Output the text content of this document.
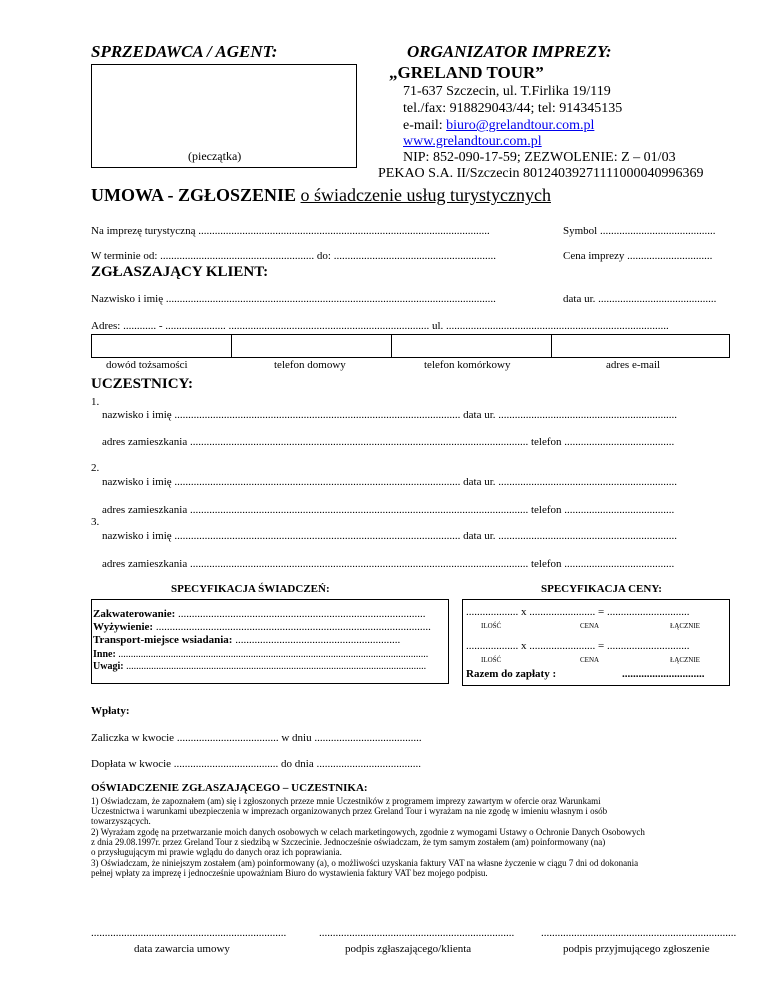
SPRZEDAWCA / AGENT:
(pieczątka)
ORGANIZATOR IMPREZY:
„GRELAND TOUR”
71-637 Szczecin, ul. T.Firlika 19/119
tel./fax: 918829043/44; tel: 914345135
e-mail: biuro@grelandtour.com.pl
www.grelandtour.com.pl
NIP: 852-090-17-59; ZEZWOLENIE: Z – 01/03
PEKAO S.A. II/Szczecin 80124039271111000040996369
UMOWA - ZGŁOSZENIE o świadczenie usług turystycznych
Na imprezę turystyczną ..........................................................................................................	Symbol ..........................................
W terminie od: ........................................................ do: ...........................................................	Cena imprezy ...............................
ZGŁASZAJĄCY KLIENT:
Nazwisko i imię ........................................................................................................................	data ur. ...........................................
Adres: ............ - ...................... ......................................................................... ul. .................................................................................
dowód tożsamości	telefon domowy	telefon komórkowy	adres e-mail
UCZESTNICY:
1.
nazwisko i imię ........................................................................................................ data ur. .................................................................
adres zamieszkania ........................................................................................................................... telefon ........................................
2.
nazwisko i imię ........................................................................................................ data ur. .................................................................
adres zamieszkania ........................................................................................................................... telefon ........................................
3.
nazwisko i imię ........................................................................................................ data ur. .................................................................
adres zamieszkania ........................................................................................................................... telefon ........................................
SPECYFIKACJA ŚWIADCZEŃ:	SPECYFIKACJA CENY:
Zakwaterowanie: ..........................................................................................
Wyżywienie: ....................................................................................................
Transport-miejsce wsiadania: ............................................................
Inne: ............................................................................................................................
Uwagi: ........................................................................................................................
................... x ........................ = ..............................
ILOŚĆ	CENA	ŁĄCZNIE
................... x ........................ = ..............................
ILOŚĆ	CENA	ŁĄCZNIE
Razem do zapłaty :	..............................
Wpłaty:
Zaliczka w kwocie ..................................... w dniu .......................................
Dopłata w kwocie ...................................... do dnia ......................................
OŚWIADCZENIE ZGŁASZAJĄCEGO – UCZESTNIKA:
1) Oświadczam, że zapoznałem (am) się i zgłoszonych przeze mnie Uczestników z programem imprezy zawartym w ofercie oraz Warunkami
Uczestnictwa i warunkami ubezpieczenia w imprezach organizowanych przez Greland Tour i wyrażam na nie zgodę w imieniu własnym i osób
towarzyszących.
2) Wyrażam zgodę na przetwarzanie moich danych osobowych w celach marketingowych, zgodnie z wymogami Ustawy o Ochronie Danych Osobowych
z dnia 29.08.1997r. przez Greland Tour z siedzibą w Szczecinie. Jednocześnie oświadczam, że tym samym zostałem (am) poinformowany (na)
o przysługującym mi prawie wglądu do danych oraz ich poprawiania.
3) Oświadczam, że niniejszym zostałem (am) poinformowany (a), o możliwości uzyskania faktury VAT na własne życzenie w ciągu 7 dni od dokonania
pełnej wpłaty za imprezę i jednocześnie upoważniam Biuro do wystawienia faktury VAT bez mojego podpisu.
.......................................................................	....................................................................... .......................................................................
data zawarcia umowy	podpis zgłaszającego/klienta	podpis przyjmującego zgłoszenie
